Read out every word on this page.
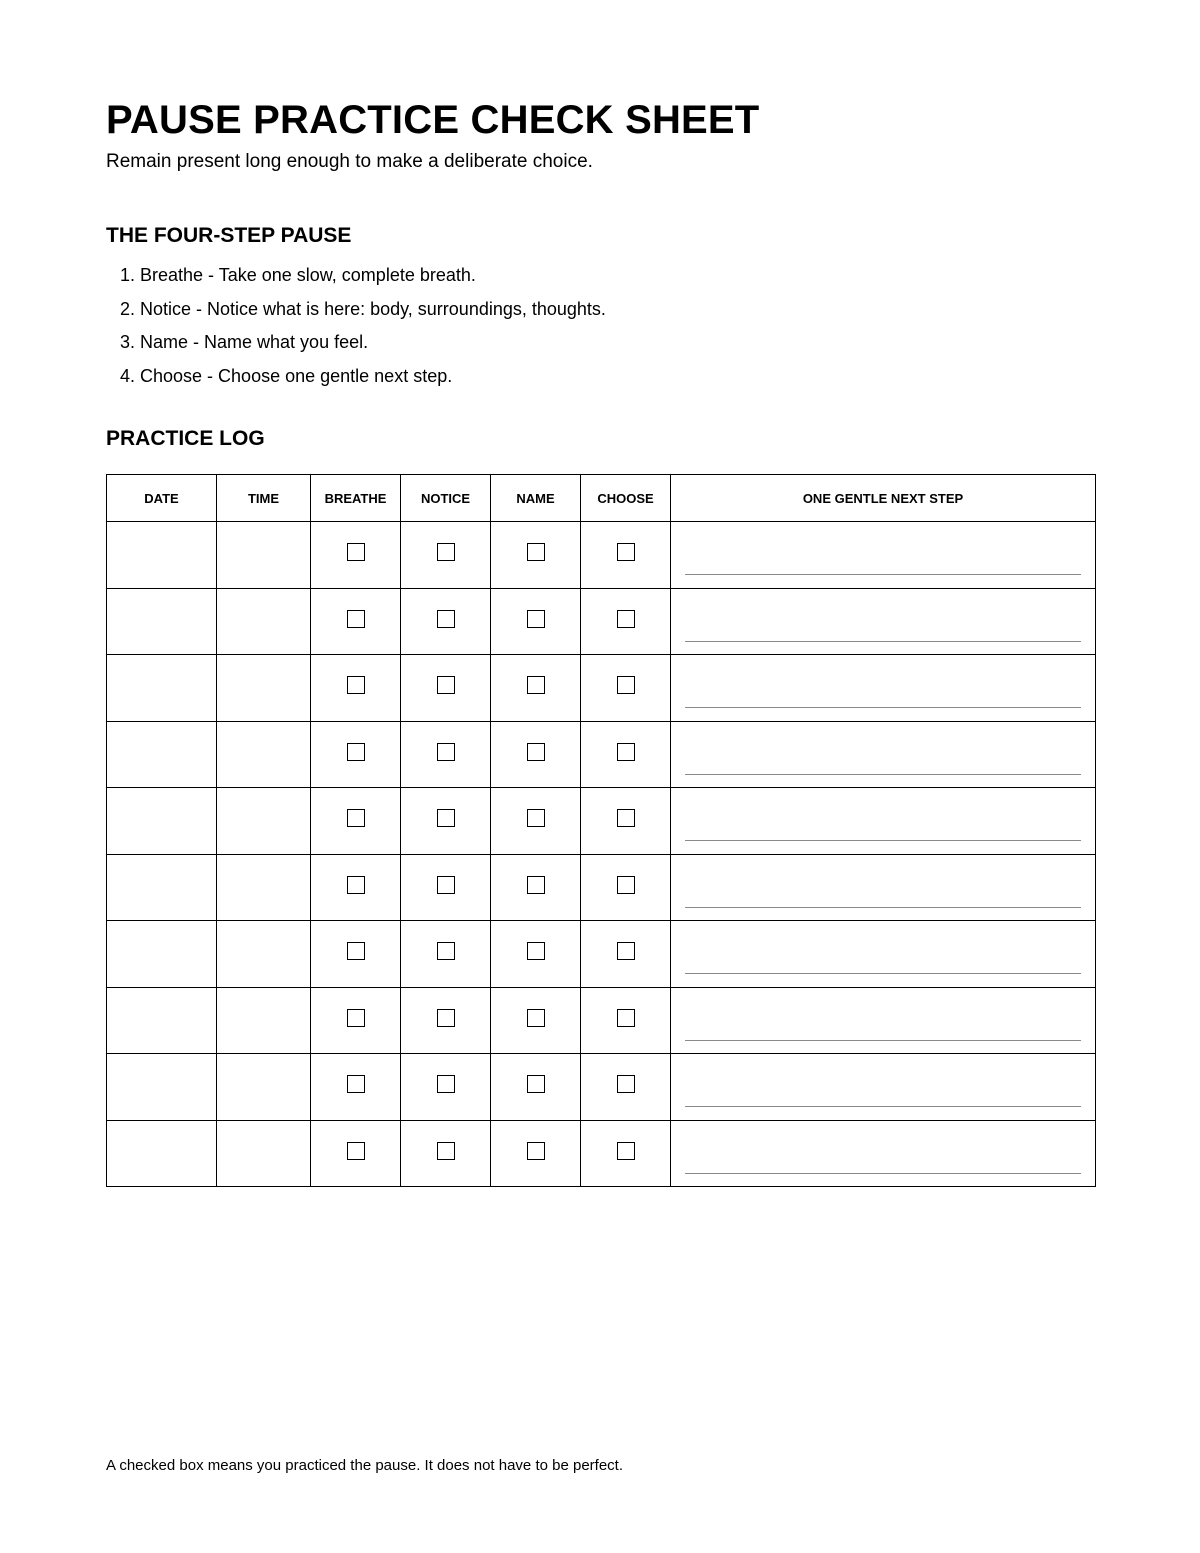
PAUSE PRACTICE CHECK SHEET

Remain present long enough to make a deliberate choice.

THE FOUR-STEP PAUSE
1. Breathe - Take one slow, complete breath.
2. Notice - Notice what is here: body, surroundings, thoughts.
3. Name - Name what you feel.
4. Choose - Choose one gentle next step.
PRACTICE LOG
DATE	TIME	BREATHE	NOTICE	NAME	CHOOSE	ONE GENTLE NEXT STEP

A checked box means you practiced the pause. It does not have to be perfect.
